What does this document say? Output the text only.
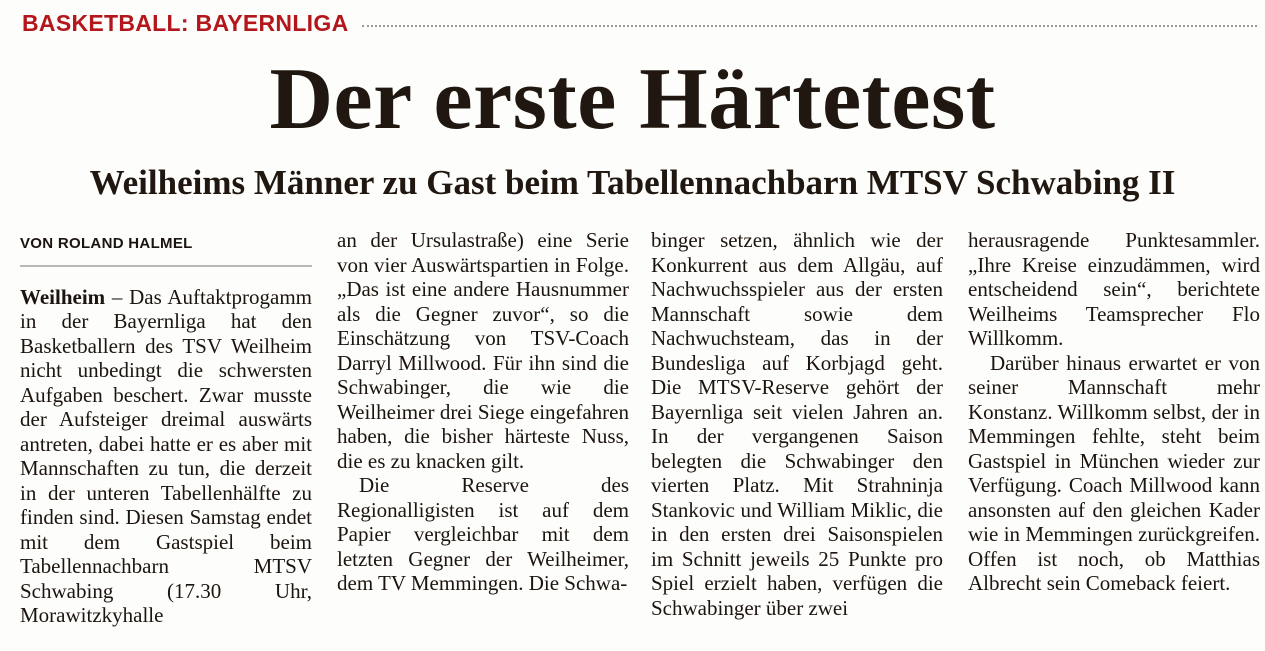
BASKETBALL: BAYERNLIGA
Der erste Härtetest
Weilheims Männer zu Gast beim Tabellennachbarn MTSV Schwabing II
VON ROLAND HALMEL

Weilheim – Das Auftaktprogamm in der Bayernliga hat den Basketballern des TSV Weilheim nicht unbedingt die schwersten Aufgaben beschert. Zwar musste der Aufsteiger dreimal auswärts antreten, dabei hatte er es aber mit Mannschaften zu tun, die derzeit in der unteren Tabellenhälfte zu finden sind. Diesen Samstag endet mit dem Gastspiel beim Tabellennachbarn MTSV Schwabing (17.30 Uhr, Morawitzkyhalle

an der Ursulastraße) eine Serie von vier Auswärtspartien in Folge. „Das ist eine andere Hausnummer als die Gegner zuvor“, so die Einschätzung von TSV-Coach Darryl Millwood. Für ihn sind die Schwabinger, die wie die Weilheimer drei Siege eingefahren haben, die bisher härteste Nuss, die es zu knacken gilt.

Die Reserve des Regionalligisten ist auf dem Papier vergleichbar mit dem letzten Gegner der Weilheimer, dem TV Memmingen. Die Schwa-

binger setzen, ähnlich wie der Konkurrent aus dem Allgäu, auf Nachwuchsspieler aus der ersten Mannschaft sowie dem Nachwuchsteam, das in der Bundesliga auf Korbjagd geht. Die MTSV-Reserve gehört der Bayernliga seit vielen Jahren an. In der vergangenen Saison belegten die Schwabinger den vierten Platz. Mit Strahninja Stankovic und William Miklic, die in den ersten drei Saisonspielen im Schnitt jeweils 25 Punkte pro Spiel erzielt haben, verfügen die Schwabinger über zwei

herausragende Punktesammler. „Ihre Kreise einzudämmen, wird entscheidend sein“, berichtete Weilheims Teamsprecher Flo Willkomm.

Darüber hinaus erwartet er von seiner Mannschaft mehr Konstanz. Willkomm selbst, der in Memmingen fehlte, steht beim Gastspiel in München wieder zur Verfügung. Coach Millwood kann ansonsten auf den gleichen Kader wie in Memmingen zurückgreifen. Offen ist noch, ob Matthias Albrecht sein Comeback feiert.
